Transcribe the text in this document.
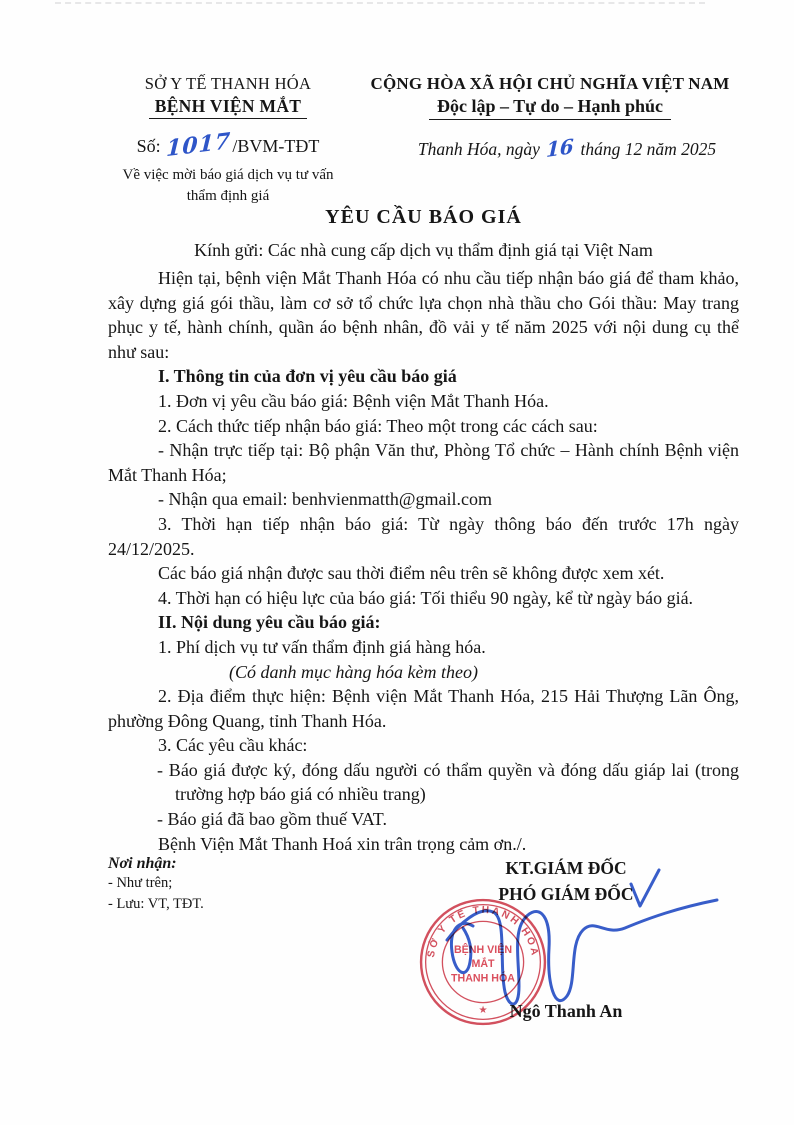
SỞ Y TẾ THANH HÓA
BỆNH VIỆN MẮT
Số: 1017/BVM-TĐT
Về việc mời báo giá dịch vụ tư vấn
thẩm định giá
CỘNG HÒA XÃ HỘI CHỦ NGHĨA VIỆT NAM
Độc lập – Tự do – Hạnh phúc
Thanh Hóa, ngày 16 tháng 12 năm 2025
YÊU CẦU BÁO GIÁ
Kính gửi: Các nhà cung cấp dịch vụ thẩm định giá tại Việt Nam

Hiện tại, bệnh viện Mắt Thanh Hóa có nhu cầu tiếp nhận báo giá để tham khảo, xây dựng giá gói thầu, làm cơ sở tổ chức lựa chọn nhà thầu cho Gói thầu: May trang phục y tế, hành chính, quần áo bệnh nhân, đồ vải y tế năm 2025 với nội dung cụ thể như sau:

I. Thông tin của đơn vị yêu cầu báo giá

1. Đơn vị yêu cầu báo giá: Bệnh viện Mắt Thanh Hóa.

2. Cách thức tiếp nhận báo giá: Theo một trong các cách sau:

- Nhận trực tiếp tại: Bộ phận Văn thư, Phòng Tổ chức – Hành chính Bệnh viện Mắt Thanh Hóa;

- Nhận qua email: benhvienmatth@gmail.com

3. Thời hạn tiếp nhận báo giá: Từ ngày thông báo đến trước 17h ngày 24/12/2025.

Các báo giá nhận được sau thời điểm nêu trên sẽ không được xem xét.

4. Thời hạn có hiệu lực của báo giá: Tối thiểu 90 ngày, kể từ ngày báo giá.

II. Nội dung yêu cầu báo giá:

1. Phí dịch vụ tư vấn thẩm định giá hàng hóa.

(Có danh mục hàng hóa kèm theo)

2. Địa điểm thực hiện: Bệnh viện Mắt Thanh Hóa, 215 Hải Thượng Lãn Ông, phường Đông Quang, tỉnh Thanh Hóa.

3. Các yêu cầu khác:

- Báo giá được ký, đóng dấu người có thẩm quyền và đóng dấu giáp lai (trong trường hợp báo giá có nhiều trang)

- Báo giá đã bao gồm thuế VAT.

Bệnh Viện Mắt Thanh Hoá xin trân trọng cảm ơn./.

Nơi nhận:
- Như trên;
- Lưu: VT, TĐT.
KT.GIÁM ĐỐC
PHÓ GIÁM ĐỐC
SỞ Y TẾ THANH HÓA
BỆNH VIỆN
MẮT
THANH HÓA
★	Ngô Thanh An
